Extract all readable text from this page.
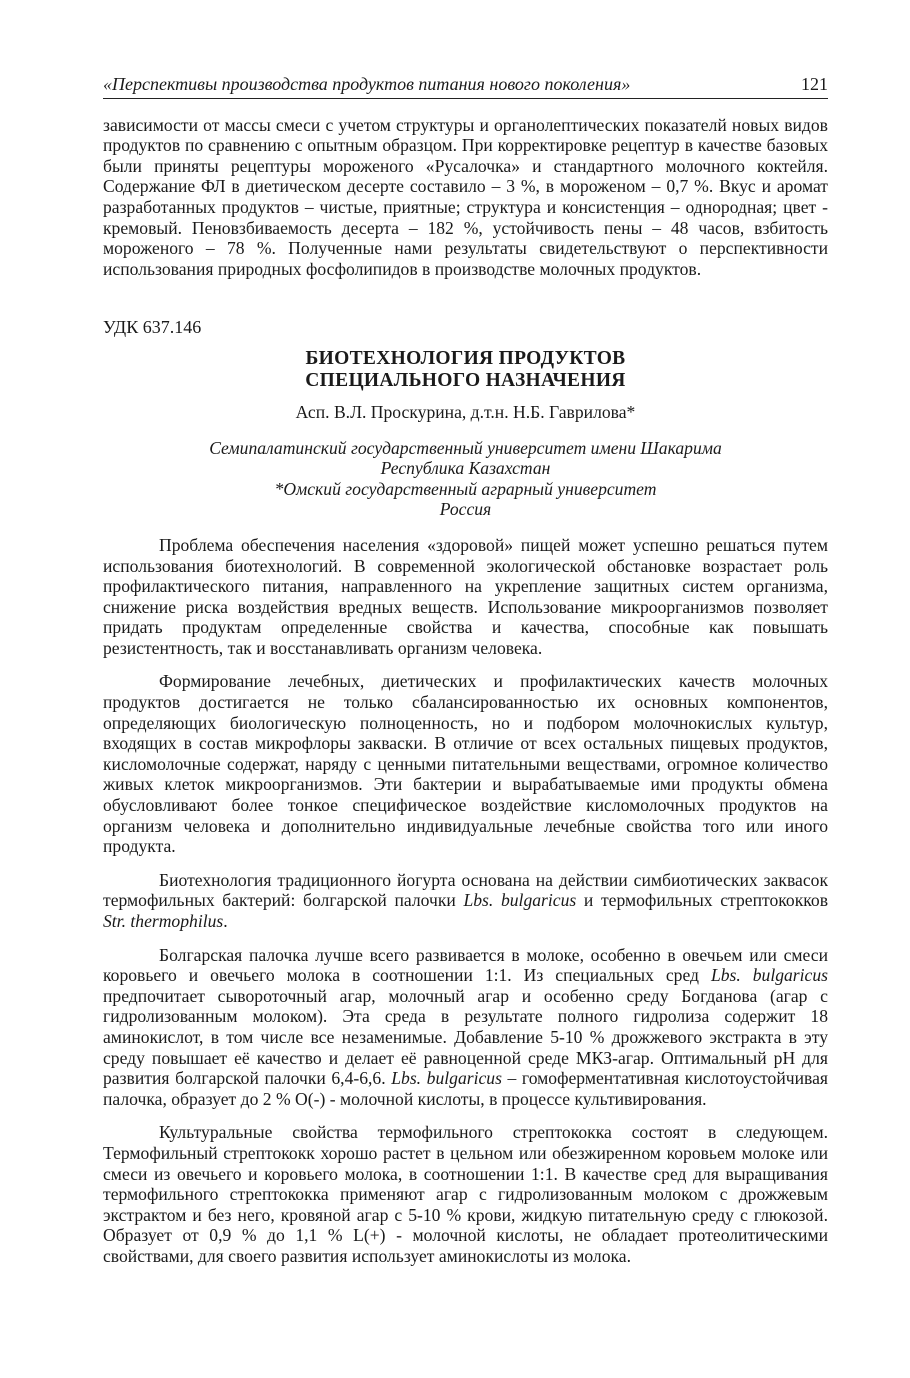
«Перспективы производства продуктов питания нового поколения»	121

зависимости от массы смеси с учетом структуры и органолептических показателй новых видов продуктов по сравнению с опытным образцом. При корректировке рецептур в качестве базовых были приняты рецептуры мороженого «Русалочка» и стандартного молочного коктейля. Содержание ФЛ в диетическом десерте составило – 3 %, в мороженом – 0,7 %. Вкус и аромат разработанных продуктов – чистые, приятные; структура и консистенция – однородная; цвет - кремовый. Пеновзбиваемость десерта – 182 %, устойчивость пены – 48 часов, взбитость мороженого – 78 %. Полученные нами результаты свидетельствуют о перспективности использования природных фосфолипидов в производстве молочных продуктов.

УДК 637.146
БИОТЕХНОЛОГИЯ ПРОДУКТОВ
СПЕЦИАЛЬНОГО НАЗНАЧЕНИЯ
Асп. В.Л. Проскурина, д.т.н. Н.Б. Гаврилова*
Семипалатинский государственный университет имени Шакарима
Республика Казахстан
*Омский государственный аграрный университет
Россия

Проблема обеспечения населения «здоровой» пищей может успешно решаться путем использования биотехнологий. В современной экологической обстановке возрастает роль профилактического питания, направленного на укрепление защитных систем организма, снижение риска воздействия вредных веществ. Использование микроорганизмов позволяет придать продуктам определенные свойства и качества, способные как повышать резистентность, так и восстанавливать организм человека.

Формирование лечебных, диетических и профилактических качеств молочных продуктов достигается не только сбалансированностью их основных компонентов, определяющих биологическую полноценность, но и подбором молочнокислых культур, входящих в состав микрофлоры закваски. В отличие от всех остальных пищевых продуктов, кисломолочные содержат, наряду с ценными питательными веществами, огромное количество живых клеток микроорганизмов. Эти бактерии и вырабатываемые ими продукты обмена обусловливают более тонкое специфическое воздействие кисломолочных продуктов на организм человека и дополнительно индивидуальные лечебные свойства того или иного продукта.

Биотехнология традиционного йогурта основана на действии симбиотических заквасок термофильных бактерий: болгарской палочки Lbs. bulgaricus и термофильных стрептококков Str. thermophilus.

Болгарская палочка лучше всего развивается в молоке, особенно в овечьем или смеси коровьего и овечьего молока в соотношении 1:1. Из специальных сред Lbs. bulgaricus предпочитает сывороточный агар, молочный агар и особенно среду Богданова (агар с гидролизованным молоком). Эта среда в результате полного гидролиза содержит 18 аминокислот, в том числе все незаменимые. Добавление 5-10 % дрожжевого экстракта в эту среду повышает её качество и делает её равноценной среде МКЗ-агар. Оптимальный рН для развития болгарской палочки 6,4-6,6. Lbs. bulgaricus – гомоферментативная кислотоустойчивая палочка, образует до 2 % О(-) - молочной кислоты, в процессе культивирования.

Культуральные свойства термофильного стрептококка состоят в следующем. Термофильный стрептококк хорошо растет в цельном или обезжиренном коровьем молоке или смеси из овечьего и коровьего молока, в соотношении 1:1. В качестве сред для выращивания термофильного стрептококка применяют агар с гидролизованным молоком с дрожжевым экстрактом и без него, кровяной агар с 5-10 % крови, жидкую питательную среду с глюкозой. Образует от 0,9 % до 1,1 % L(+) - молочной кислоты, не обладает протеолитическими свойствами, для своего развития использует аминокислоты из молока.
